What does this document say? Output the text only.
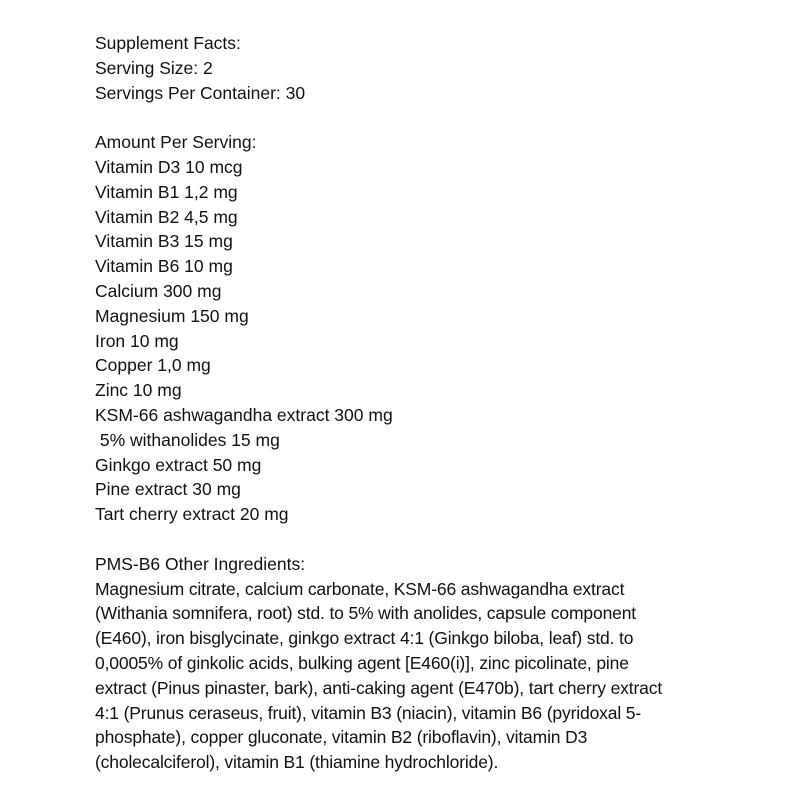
Supplement Facts:
Serving Size: 2
Servings Per Container: 30
Amount Per Serving:
Vitamin D3 10 mcg
Vitamin B1 1,2 mg
Vitamin B2 4,5 mg
Vitamin B3 15 mg
Vitamin B6 10 mg
Calcium 300 mg
Magnesium 150 mg
Iron 10 mg
Copper 1,0 mg
Zinc 10 mg
KSM-66 ashwagandha extract 300 mg
5% withanolides 15 mg
Ginkgo extract 50 mg
Pine extract 30 mg
Tart cherry extract 20 mg
PMS-B6 Other Ingredients:
Magnesium citrate, calcium carbonate, KSM-66 ashwagandha extract
(Withania somnifera, root) std. to 5% with anolides, capsule component
(E460), iron bisglycinate, ginkgo extract 4:1 (Ginkgo biloba, leaf) std. to
0,0005% of ginkolic acids, bulking agent [E460(i)], zinc picolinate, pine
extract (Pinus pinaster, bark), anti-caking agent (E470b), tart cherry extract
4:1 (Prunus ceraseus, fruit), vitamin B3 (niacin), vitamin B6 (pyridoxal 5-
phosphate), copper gluconate, vitamin B2 (riboflavin), vitamin D3
(cholecalciferol), vitamin B1 (thiamine hydrochloride).
